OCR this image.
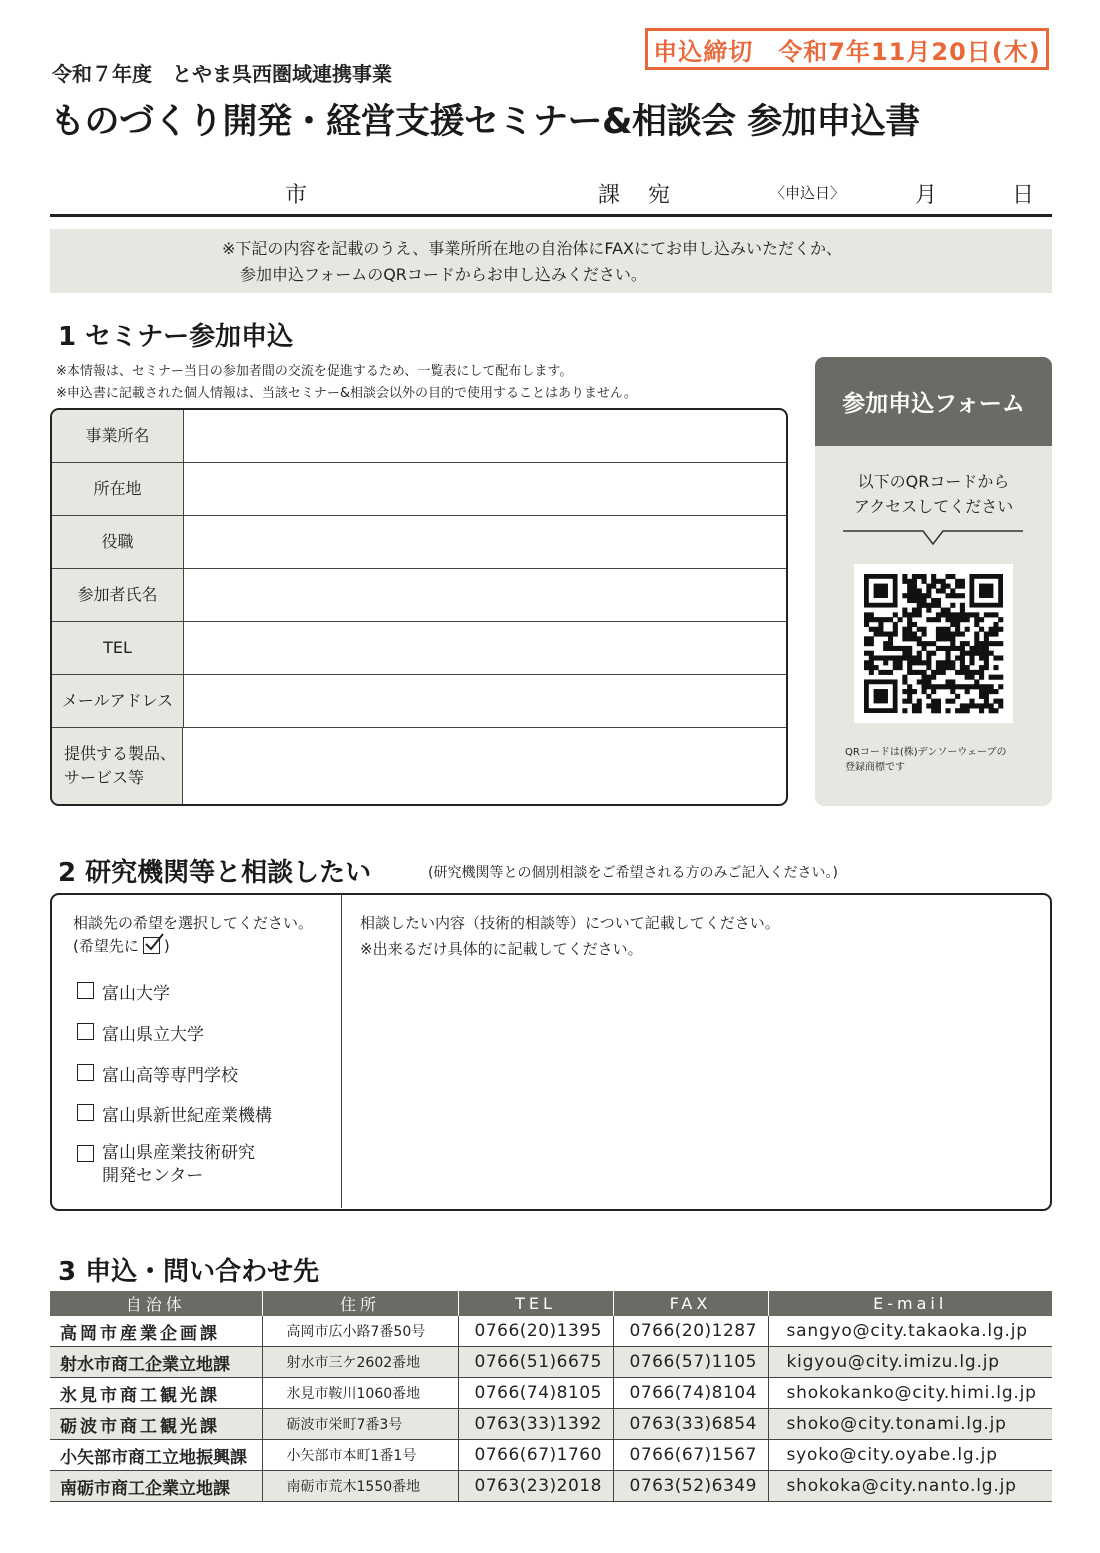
申込締切　令和7年11月20日(木)
令和７年度　とやま呉西圏域連携事業
ものづくり開発・経営支援セミナー&相談会 参加申込書
市	課 宛	〈申込日〉	月	日
※下記の内容を記載のうえ、事業所所在地の自治体にFAXにてお申し込みいただくか、
参加申込フォームのQRコードからお申し込みください。
1 セミナー参加申込
※本情報は、セミナー当日の参加者間の交流を促進するため、一覧表にして配布します。
※申込書に記載された個人情報は、当該セミナー&相談会以外の目的で使用することはありません。
事業所名
所在地
役職
参加者氏名
TEL
メールアドレス
提供する製品、
サービス等
参加申込フォーム
以下のQRコードから
アクセスしてください
QRコードは(株)デンソーウェーブの
登録商標です
2 研究機関等と相談したい	(研究機関等との個別相談をご希望される方のみご記入ください。)
相談先の希望を選択してください。
(希望先に )
富山大学
富山県立大学
富山高等専門学校
富山県新世紀産業機構
富山県産業技術研究
開発センター
相談したい内容（技術的相談等）について記載してください。
※出来るだけ具体的に記載してください。
3 申込・問い合わせ先
自治体	住所	TEL	FAX	E-mail
高岡市産業企画課	高岡市広小路7番50号	0766(20)1395	0766(20)1287	sangyo@city.takaoka.lg.jp
射水市商工企業立地課	射水市三ケ2602番地	0766(51)6675	0766(57)1105	kigyou@city.imizu.lg.jp
氷見市商工観光課	氷見市鞍川1060番地	0766(74)8105	0766(74)8104	shokokanko@city.himi.lg.jp
砺波市商工観光課	砺波市栄町7番3号	0763(33)1392	0763(33)6854	shoko@city.tonami.lg.jp
小矢部市商工立地振興課	小矢部市本町1番1号	0766(67)1760	0766(67)1567	syoko@city.oyabe.lg.jp
南砺市商工企業立地課	南砺市荒木1550番地	0763(23)2018	0763(52)6349	shokoka@city.nanto.lg.jp
